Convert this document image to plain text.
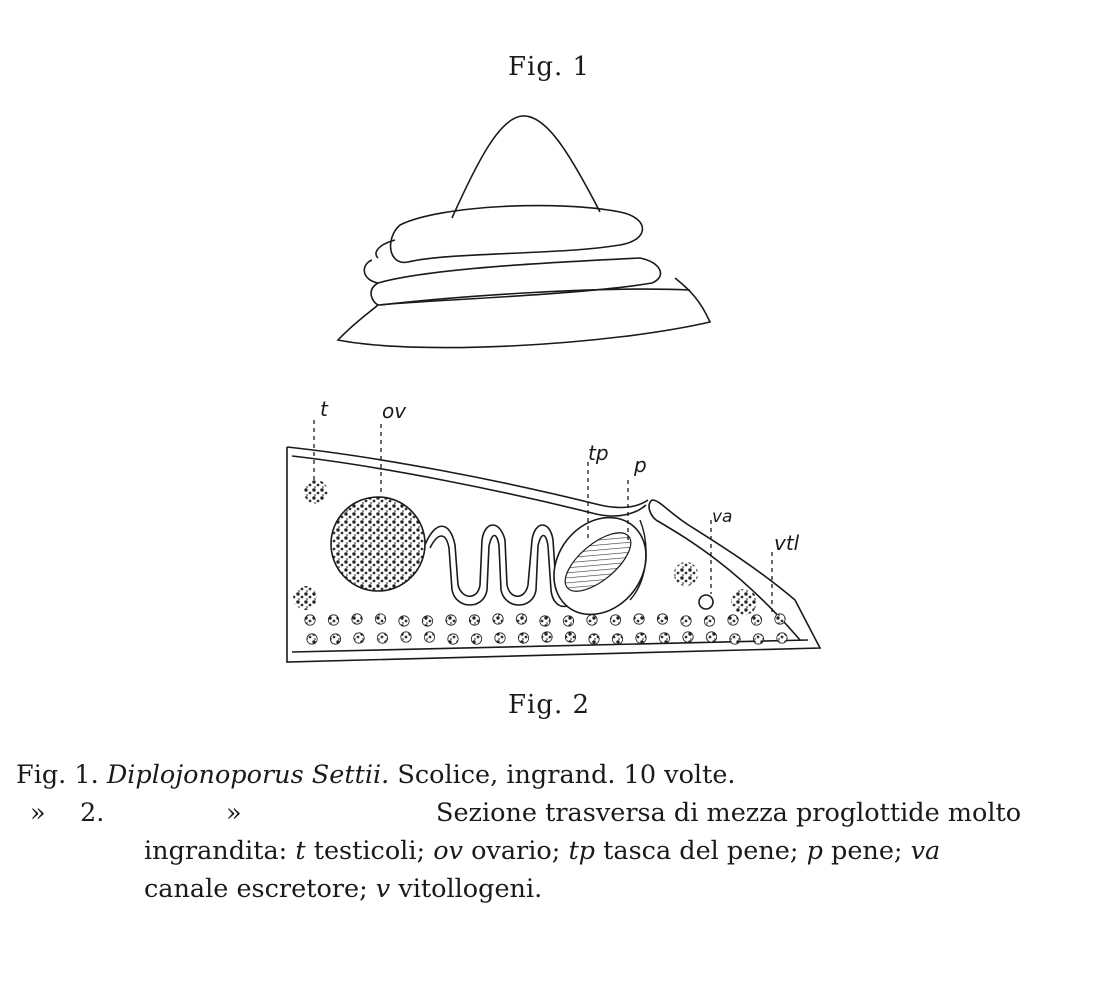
Fig. 1
t	ov
tp p
va
vtl
Fig. 2
Fig. 1. Diplojonoporus Settii. Scolice, ingrand. 10 volte.
» 2.	»	Sezione trasversa di mezza proglottide molto
ingrandita: t testicoli; ov ovario; tp tasca del pene; p pene; va
canale escretore; v vitollogeni.
